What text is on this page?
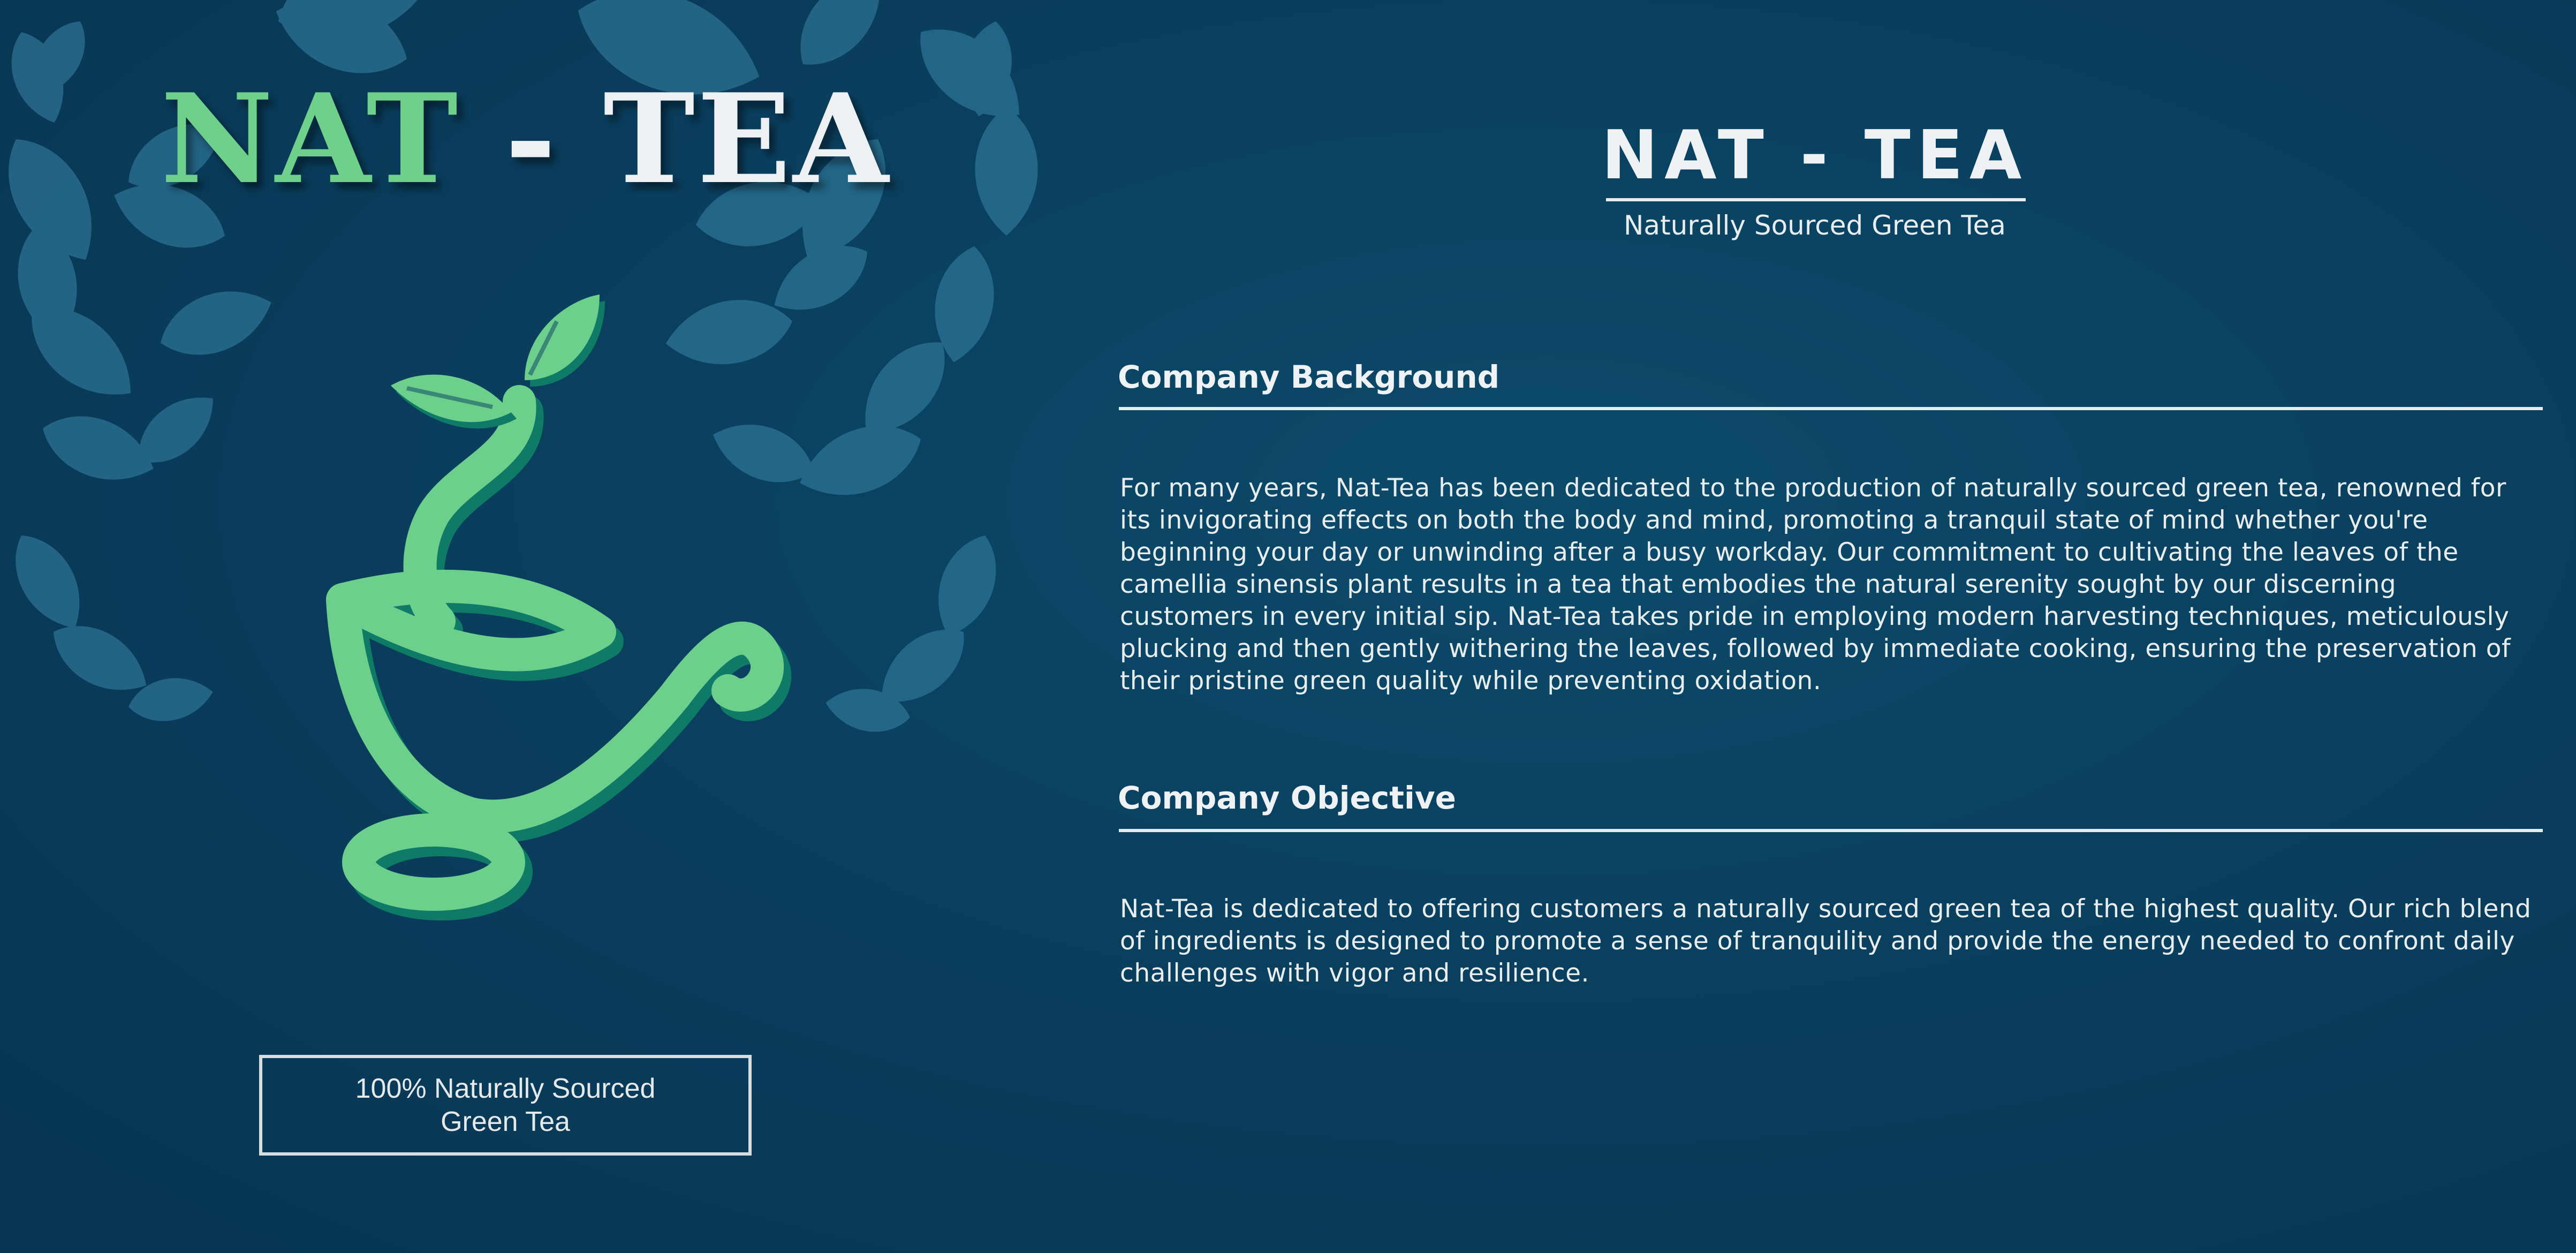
NAT - TEA
100% Naturally Sourced
Green Tea
NAT - TEA
Naturally Sourced Green Tea
Company Background
For many years, Nat-Tea has been dedicated to the production of naturally sourced green tea, renowned for its invigorating effects on both the body and mind, promoting a tranquil state of mind whether you're beginning your day or unwinding after a busy workday. Our commitment to cultivating the leaves of the camellia sinensis plant results in a tea that embodies the natural serenity sought by our discerning customers in every initial sip. Nat-Tea takes pride in employing modern harvesting techniques, meticulously plucking and then gently withering the leaves, followed by immediate cooking, ensuring the preservation of their pristine green quality while preventing oxidation.
Company Objective
Nat-Tea is dedicated to offering customers a naturally sourced green tea of the highest quality. Our rich blend of ingredients is designed to promote a sense of tranquility and provide the energy needed to confront daily challenges with vigor and resilience.
